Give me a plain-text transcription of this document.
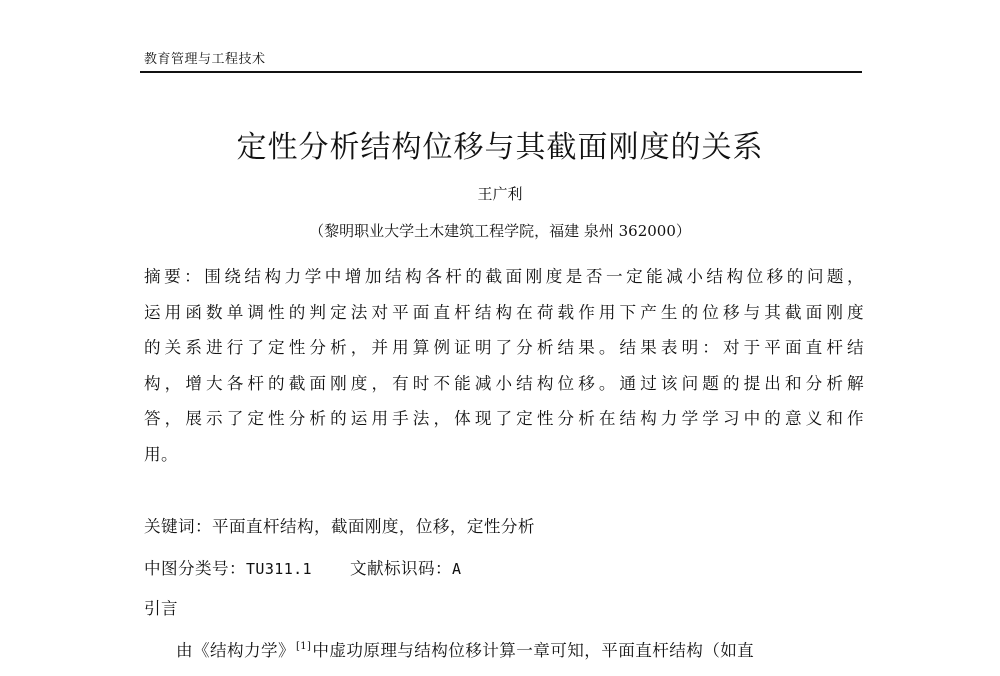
教育管理与工程技术
定性分析结构位移与其截面刚度的关系
王广利
（黎明职业大学土木建筑工程学院，福建 泉州 362000）
摘要：围绕结构力学中增加结构各杆的截面刚度是否一定能减小结构位移的问题，
运用函数单调性的判定法对平面直杆结构在荷载作用下产生的位移与其截面刚度
的关系进行了定性分析，并用算例证明了分析结果。结果表明：对于平面直杆结
构，增大各杆的截面刚度，有时不能减小结构位移。通过该问题的提出和分析解
答，展示了定性分析的运用手法，体现了定性分析在结构力学学习中的意义和作
用。
关键词：平面直杆结构，截面刚度，位移，定性分析
中图分类号：TU311.1 文献标识码：A
引言
由《结构力学》[1]中虚功原理与结构位移计算一章可知，平面直杆结构（如直
